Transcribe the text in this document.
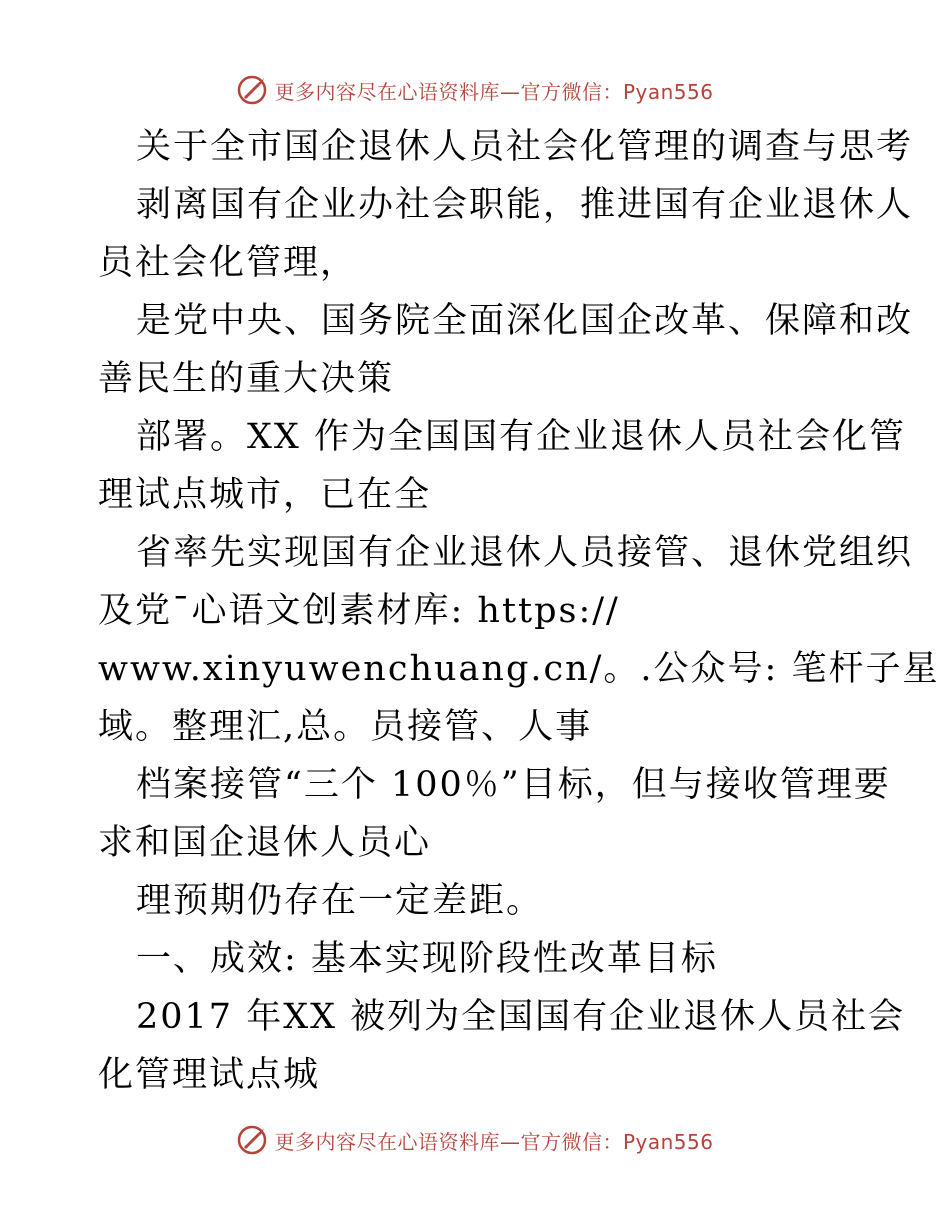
更多内容尽在心语资料库—官方微信：Pyan556
关于全市国企退休人员社会化管理的调查与思考
剥离国有企业办社会职能，推进国有企业退休人
员社会化管理，
是党中央、国务院全面深化国企改革、保障和改
善民生的重大决策
部署。XX 作为全国国有企业退休人员社会化管
理试点城市，已在全
省率先实现国有企业退休人员接管、退休党组织
及党¯心语文创素材库: https://
www.xinyuwenchuang.cn/。.公众号: 笔杆子星
域。整理汇,总。员接管、人事
档案接管“三个 100％”目标，但与接收管理要
求和国企退休人员心
理预期仍存在一定差距。
一、成效: 基本实现阶段性改革目标
2017 年XX 被列为全国国有企业退休人员社会
化管理试点城
更多内容尽在心语资料库—官方微信：Pyan556
